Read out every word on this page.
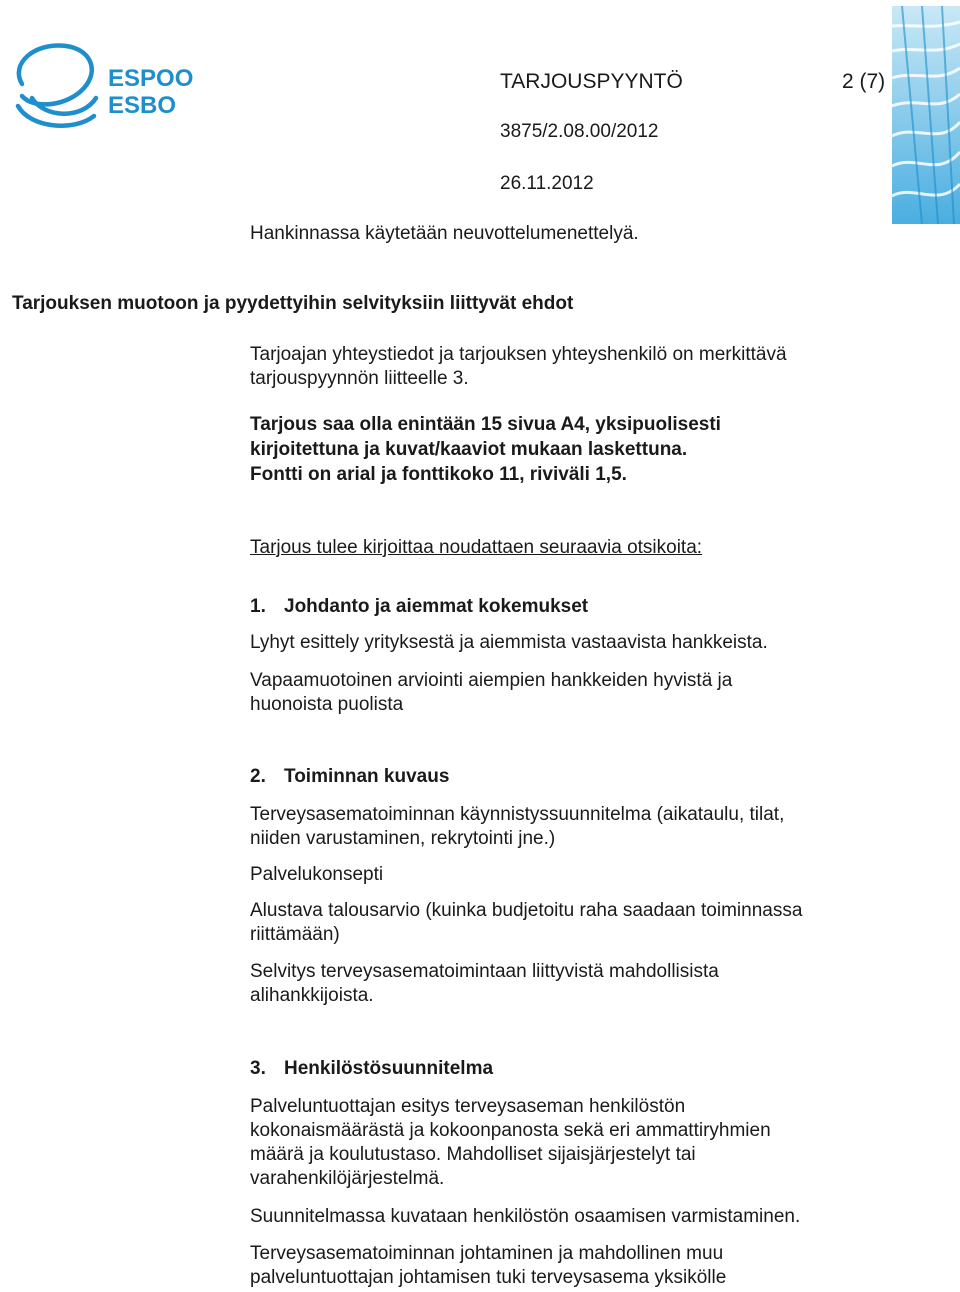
ESPOO
ESBO
TARJOUSPYYNTÖ	2 (7)
3875/2.08.00/2012
26.11.2012
Hankinnassa käytetään neuvottelumenettelyä.
Tarjouksen muotoon ja pyydettyihin selvityksiin liittyvät ehdot
Tarjoajan yhteystiedot ja tarjouksen yhteyshenkilö on merkittävä
tarjouspyynnön liitteelle 3.
Tarjous saa olla enintään 15 sivua A4, yksipuolisesti
kirjoitettuna ja kuvat/kaaviot mukaan laskettuna.
Fontti on arial ja fonttikoko 11, riviväli 1,5.
Tarjous tulee kirjoittaa noudattaen seuraavia otsikoita:
1. Johdanto ja aiemmat kokemukset
Lyhyt esittely yrityksestä ja aiemmista vastaavista hankkeista.
Vapaamuotoinen arviointi aiempien hankkeiden hyvistä ja
huonoista puolista
2. Toiminnan kuvaus
Terveysasematoiminnan käynnistyssuunnitelma (aikataulu, tilat,
niiden varustaminen, rekrytointi jne.)
Palvelukonsepti
Alustava talousarvio (kuinka budjetoitu raha saadaan toiminnassa
riittämään)
Selvitys terveysasematoimintaan liittyvistä mahdollisista
alihankkijoista.
3. Henkilöstösuunnitelma
Palveluntuottajan esitys terveysaseman henkilöstön
kokonaismäärästä ja kokoonpanosta sekä eri ammattiryhmien
määrä ja koulutustaso. Mahdolliset sijaisjärjestelyt tai
varahenkilöjärjestelmä.
Suunnitelmassa kuvataan henkilöstön osaamisen varmistaminen.
Terveysasematoiminnan johtaminen ja mahdollinen muu
palveluntuottajan johtamisen tuki terveysasema yksikölle
